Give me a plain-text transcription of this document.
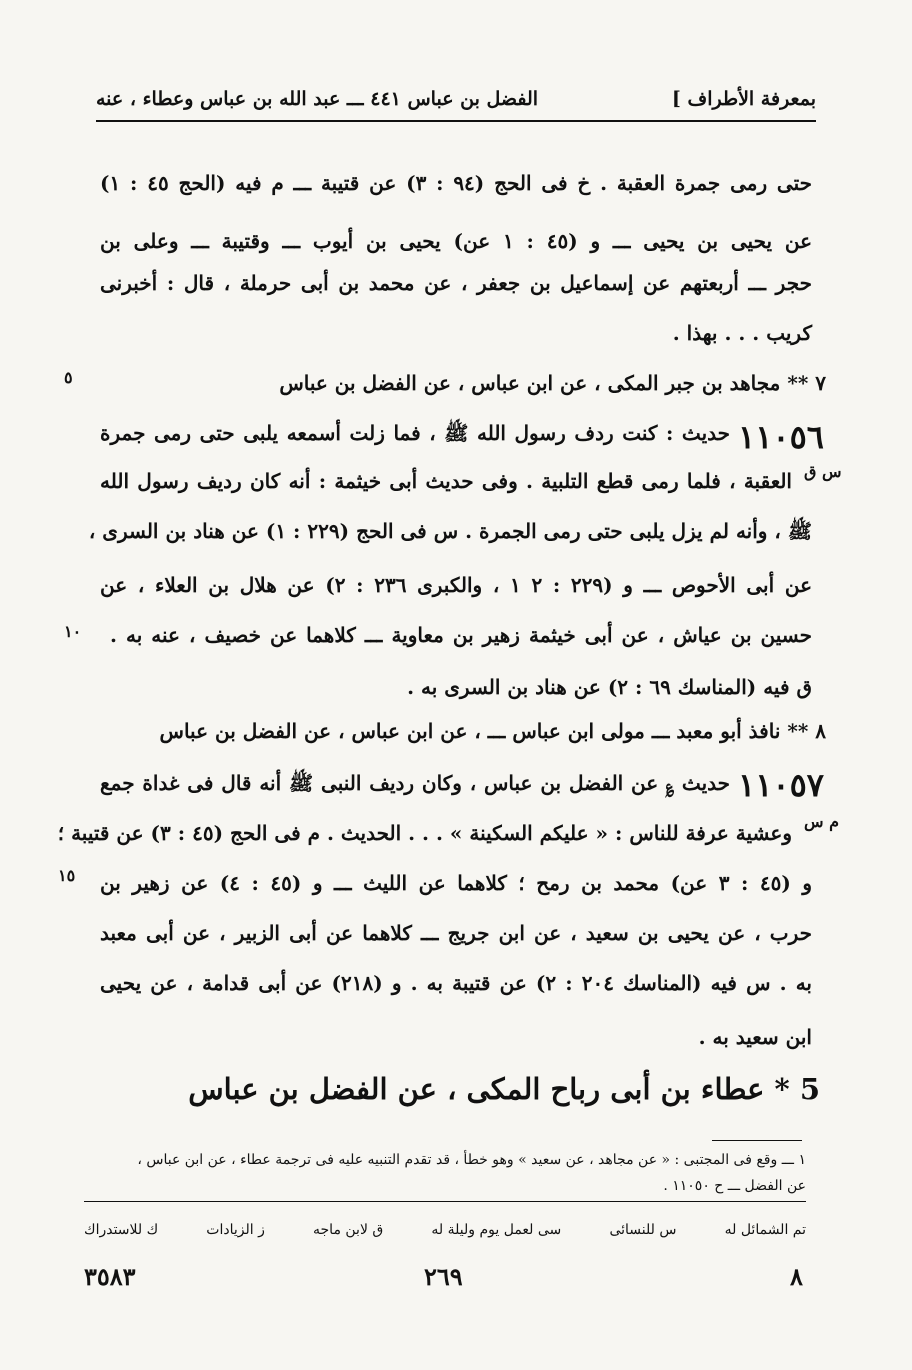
بمعرفة الأطراف ]
الفضل بن عباس ٤٤١ ـــ عبد الله بن عباس وعطاء ، عنه
حتى رمى جمرة العقبة . خ فى الحج (٩٤ : ٣) عن قتيبة ـــ م فيه (الحج ٤٥ : ١)
عن يحيى بن يحيى ـــ و (٤٥ : ١ عن) يحيى بن أيوب ـــ وقتيبة ـــ وعلى بن
حجر ـــ أربعتهم عن إسماعيل بن جعفر ، عن محمد بن أبى حرملة ، قال : أخبرنى
كريب . . . بهذا .
٥	٧ ** مجاهد بن جبر المكى ، عن ابن عباس ، عن الفضل بن عباس
١١٠٥٦
س ق
حديث : كنت ردف رسول الله ﷺ ، فما زلت أسمعه يلبى حتى رمى جمرة
العقبة ، فلما رمى قطع التلبية . وفى حديث أبى خيثمة : أنه كان رديف رسول الله
ﷺ ، وأنه لم يزل يلبى حتى رمى الجمرة . س فى الحج (٢٢٩ : ١) عن هناد بن السرى ،
عن أبى الأحوص ـــ و (٢٢٩ : ٢ ١ ، والكبرى ٢٣٦ : ٢) عن هلال بن العلاء ، عن
١٠ حسين بن عياش ، عن أبى خيثمة زهير بن معاوية ـــ كلاهما عن خصيف ، عنه به .
ق فيه (المناسك ٦٩ : ٢) عن هناد بن السرى به .
٨ ** نافذ أبو معبد ـــ مولى ابن عباس ـــ ، عن ابن عباس ، عن الفضل بن عباس
١١٠٥٧
م س
حديث ؏ عن الفضل بن عباس ، وكان رديف النبى ﷺ أنه قال فى غداة جمع
وعشية عرفة للناس : « عليكم السكينة » . . . الحديث . م فى الحج (٤٥ : ٣) عن قتيبة ؛
١٥ و (٤٥ : ٣ عن) محمد بن رمح ؛ كلاهما عن الليث ـــ و (٤٥ : ٤) عن زهير بن
حرب ، عن يحيى بن سعيد ، عن ابن جريج ـــ كلاهما عن أبى الزبير ، عن أبى معبد
به . س فيه (المناسك ٢٠٤ : ٢) عن قتيبة به . و (٢١٨) عن أبى قدامة ، عن يحيى
ابن سعيد به .
5 * عطاء بن أبى رباح المكى ، عن الفضل بن عباس
١ ـــ وقع فى المجتبى : « عن مجاهد ، عن سعيد » وهو خطأ ، قد تقدم التنبيه عليه فى ترجمة عطاء ، عن ابن عباس ،
عن الفضل ـــ ح ١١٠٥٠ .
تم الشمائل له
س للنسائى
سى لعمل يوم وليلة له
ق لابن ماجه
ز الزيادات
ك للاستدراك
٨
٢٦٩
٣٥٨٣
